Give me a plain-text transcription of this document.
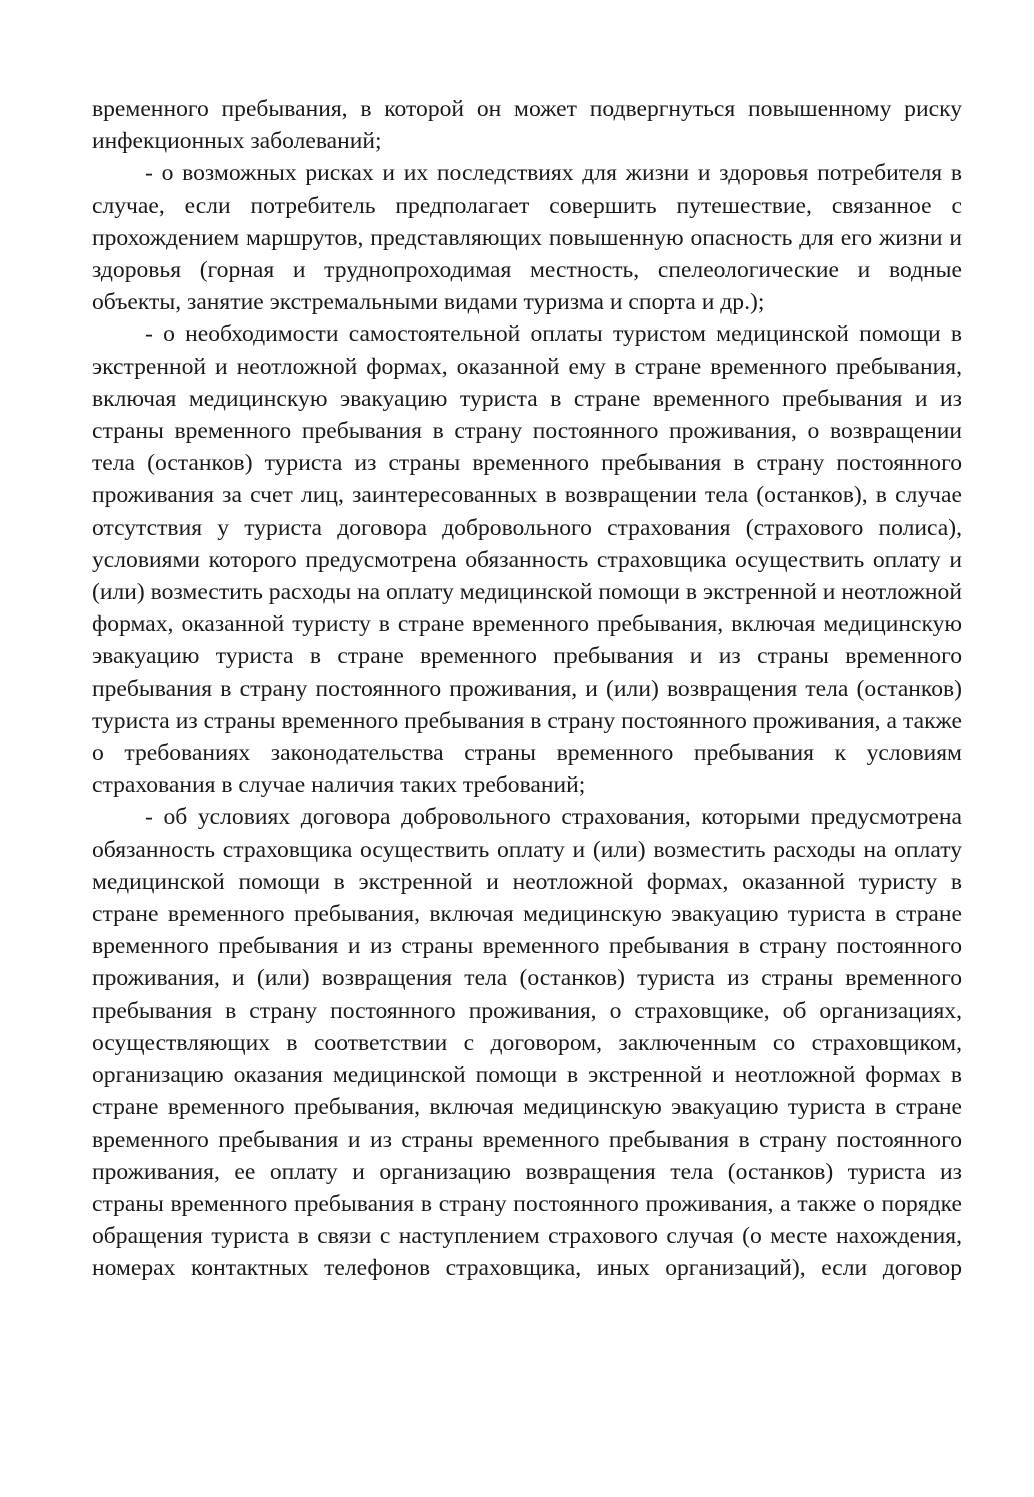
временного пребывания, в которой он может подвергнуться повышенному риску инфекционных заболеваний;

- о возможных рисках и их последствиях для жизни и здоровья потребителя в случае, если потребитель предполагает совершить путешествие, связанное с прохождением маршрутов, представляющих повышенную опасность для его жизни и здоровья (горная и труднопроходимая местность, спелеологические и водные объекты, занятие экстремальными видами туризма и спорта и др.);

- о необходимости самостоятельной оплаты туристом медицинской помощи в экстренной и неотложной формах, оказанной ему в стране временного пребывания, включая медицинскую эвакуацию туриста в стране временного пребывания и из страны временного пребывания в страну постоянного проживания, о возвращении тела (останков) туриста из страны временного пребывания в страну постоянного проживания за счет лиц, заинтересованных в возвращении тела (останков), в случае отсутствия у туриста договора добровольного страхования (страхового полиса), условиями которого предусмотрена обязанность страховщика осуществить оплату и (или) возместить расходы на оплату медицинской помощи в экстренной и неотложной формах, оказанной туристу в стране временного пребывания, включая медицинскую эвакуацию туриста в стране временного пребывания и из страны временного пребывания в страну постоянного проживания, и (или) возвращения тела (останков) туриста из страны временного пребывания в страну постоянного проживания, а также о требованиях законодательства страны временного пребывания к условиям страхования в случае наличия таких требований;

- об условиях договора добровольного страхования, которыми предусмотрена обязанность страховщика осуществить оплату и (или) возместить расходы на оплату медицинской помощи в экстренной и неотложной формах, оказанной туристу в стране временного пребывания, включая медицинскую эвакуацию туриста в стране временного пребывания и из страны временного пребывания в страну постоянного проживания, и (или) возвращения тела (останков) туриста из страны временного пребывания в страну постоянного проживания, о страховщике, об организациях, осуществляющих в соответствии с договором, заключенным со страховщиком, организацию оказания медицинской помощи в экстренной и неотложной формах в стране временного пребывания, включая медицинскую эвакуацию туриста в стране временного пребывания и из страны временного пребывания в страну постоянного проживания, ее оплату и организацию возвращения тела (останков) туриста из страны временного пребывания в страну постоянного проживания, а также о порядке обращения туриста в связи с наступлением страхового случая (о месте нахождения, номерах контактных телефонов страховщика, иных организаций), если договор
